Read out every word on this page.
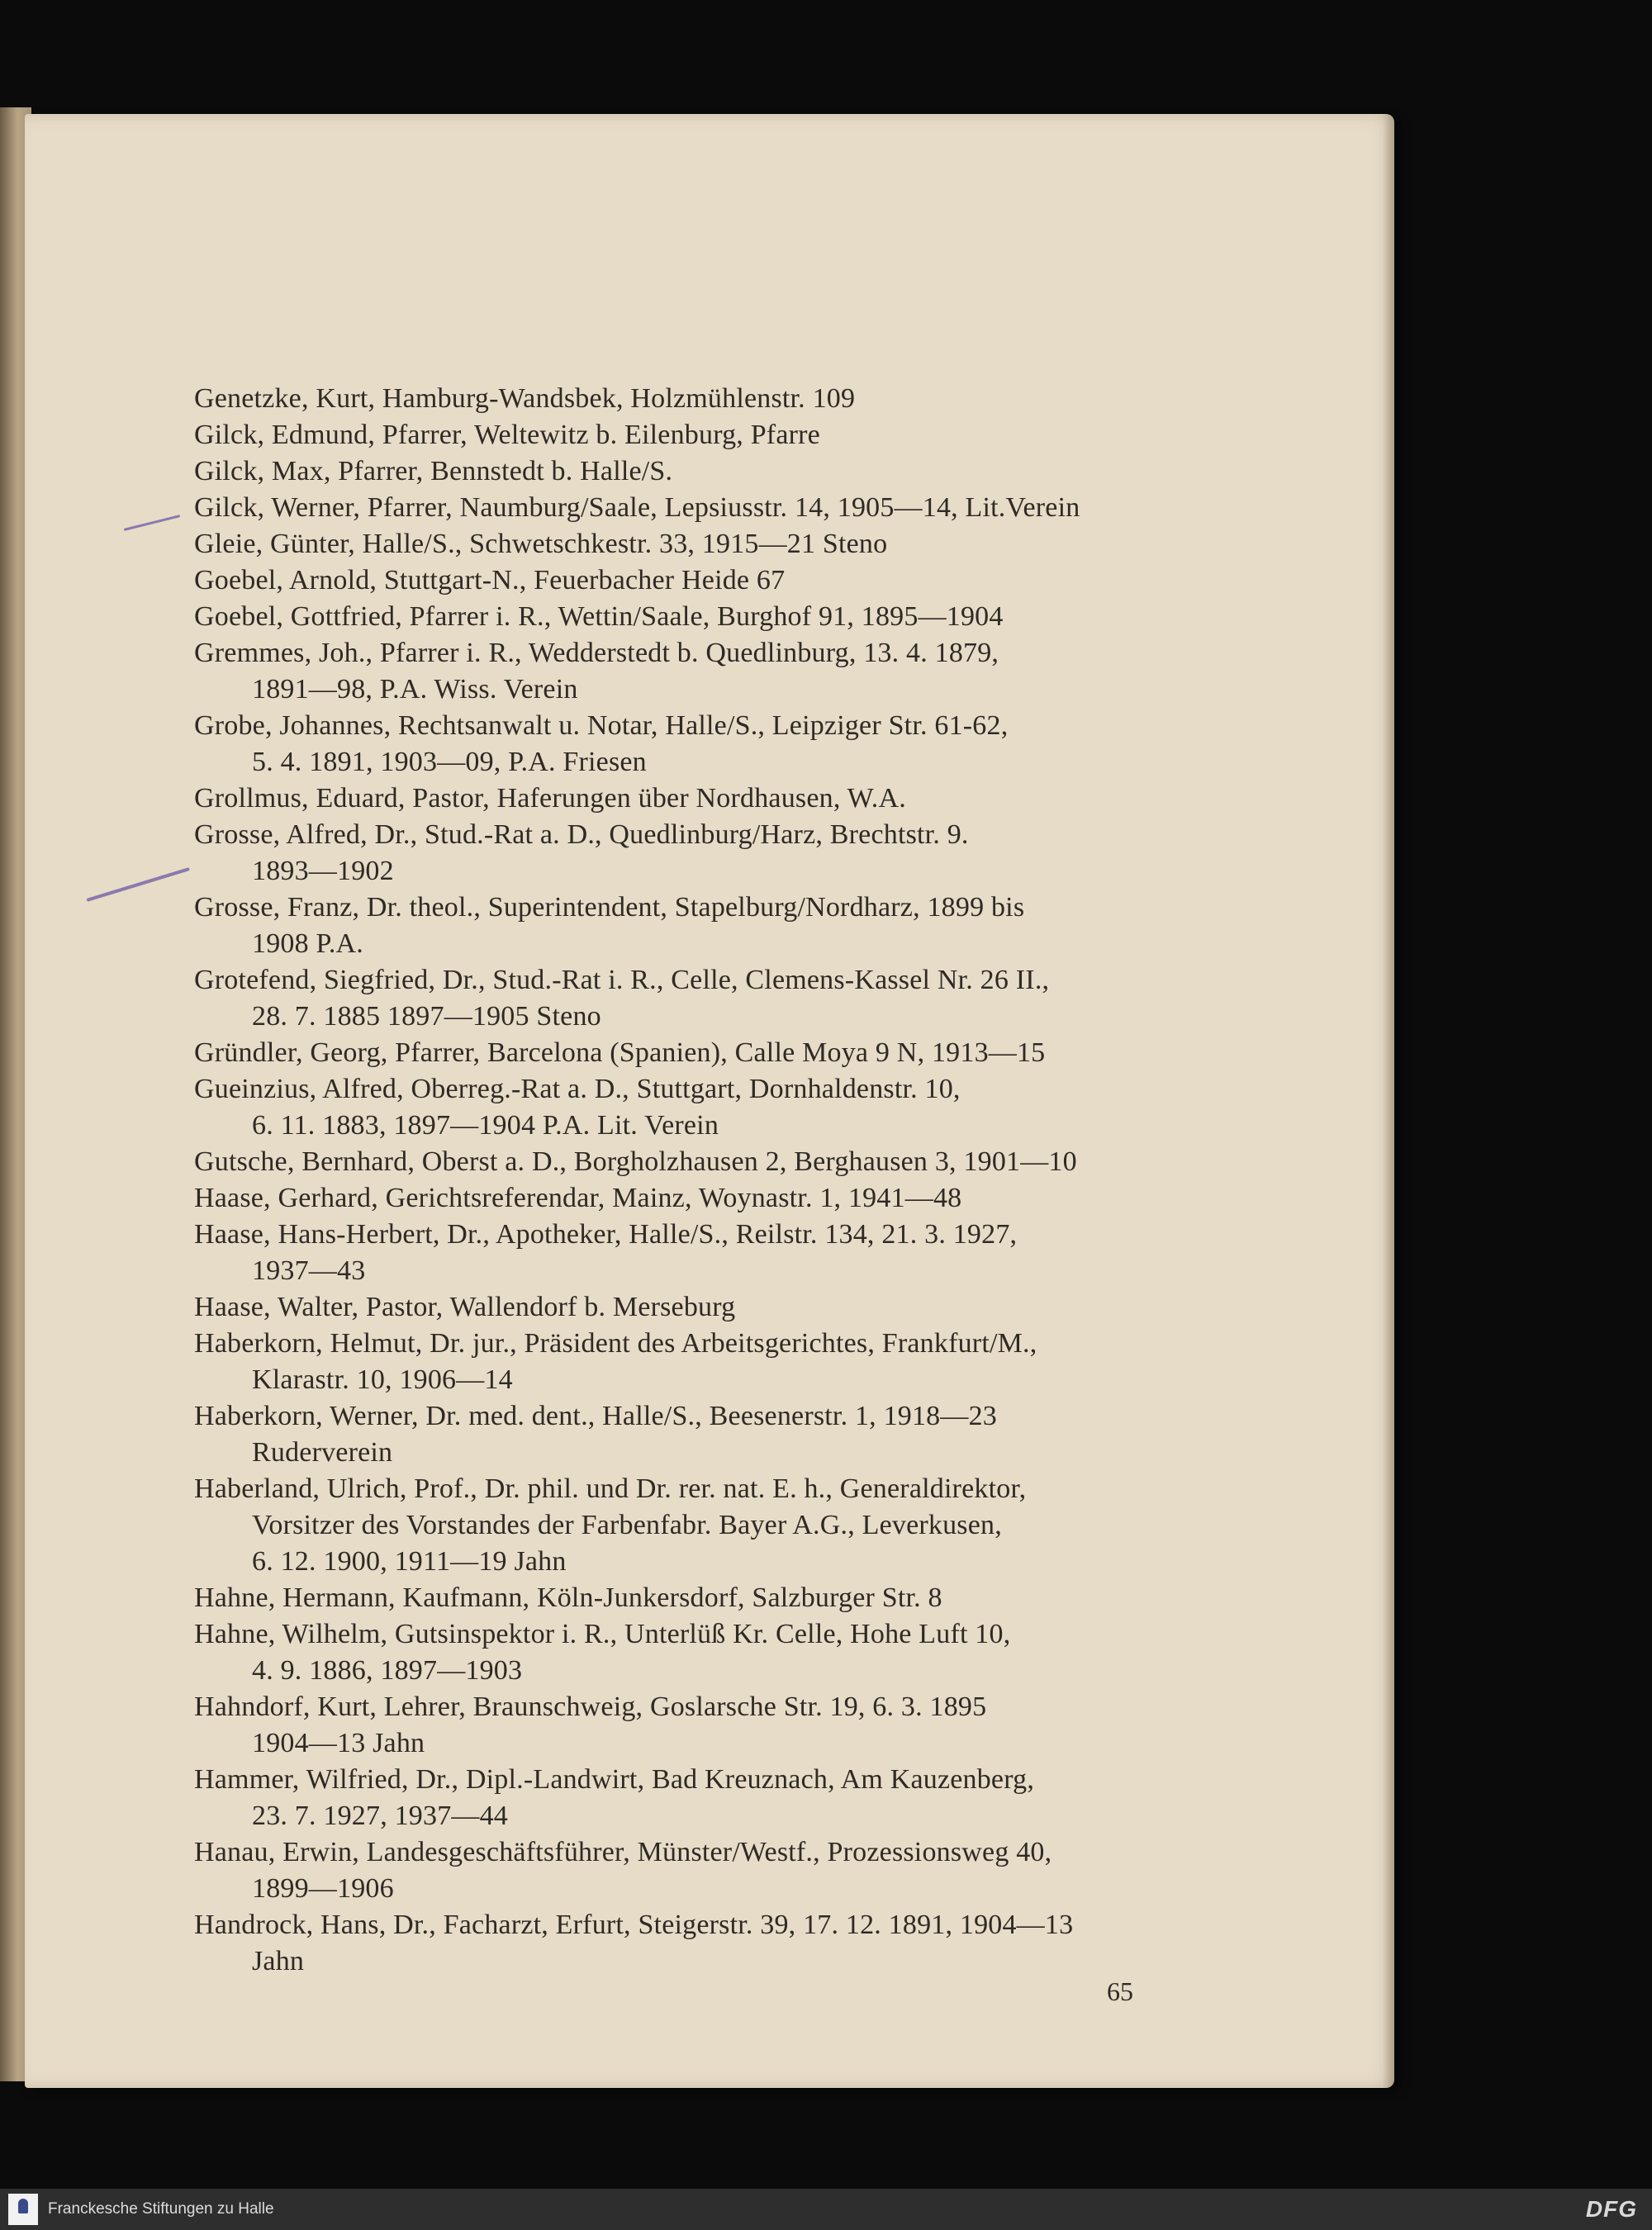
Genetzke, Kurt, Hamburg-Wandsbek, Holzmühlenstr. 109
Gilck, Edmund, Pfarrer, Weltewitz b. Eilenburg, Pfarre
Gilck, Max, Pfarrer, Bennstedt b. Halle/S.
Gilck, Werner, Pfarrer, Naumburg/Saale, Lepsiusstr. 14, 1905—14, Lit.Verein
Gleie, Günter, Halle/S., Schwetschkestr. 33, 1915—21 Steno
Goebel, Arnold, Stuttgart-N., Feuerbacher Heide 67
Goebel, Gottfried, Pfarrer i. R., Wettin/Saale, Burghof 91, 1895—1904
Gremmes, Joh., Pfarrer i. R., Wedderstedt b. Quedlinburg, 13. 4. 1879,
1891—98, P.A. Wiss. Verein
Grobe, Johannes, Rechtsanwalt u. Notar, Halle/S., Leipziger Str. 61-62,
5. 4. 1891, 1903—09, P.A. Friesen
Grollmus, Eduard, Pastor, Haferungen über Nordhausen, W.A.
Grosse, Alfred, Dr., Stud.-Rat a. D., Quedlinburg/Harz, Brechtstr. 9.
1893—1902
Grosse, Franz, Dr. theol., Superintendent, Stapelburg/Nordharz, 1899 bis
1908 P.A.
Grotefend, Siegfried, Dr., Stud.-Rat i. R., Celle, Clemens-Kassel Nr. 26 II.,
28. 7. 1885 1897—1905 Steno
Gründler, Georg, Pfarrer, Barcelona (Spanien), Calle Moya 9 N, 1913—15
Gueinzius, Alfred, Oberreg.-Rat a. D., Stuttgart, Dornhaldenstr. 10,
6. 11. 1883, 1897—1904 P.A. Lit. Verein
Gutsche, Bernhard, Oberst a. D., Borgholzhausen 2, Berghausen 3, 1901—10
Haase, Gerhard, Gerichtsreferendar, Mainz, Woynastr. 1, 1941—48
Haase, Hans-Herbert, Dr., Apotheker, Halle/S., Reilstr. 134, 21. 3. 1927,
1937—43
Haase, Walter, Pastor, Wallendorf b. Merseburg
Haberkorn, Helmut, Dr. jur., Präsident des Arbeitsgerichtes, Frankfurt/M.,
Klarastr. 10, 1906—14
Haberkorn, Werner, Dr. med. dent., Halle/S., Beesenerstr. 1, 1918—23
Ruderverein
Haberland, Ulrich, Prof., Dr. phil. und Dr. rer. nat. E. h., Generaldirektor,
Vorsitzer des Vorstandes der Farbenfabr. Bayer A.G., Leverkusen,
6. 12. 1900, 1911—19 Jahn
Hahne, Hermann, Kaufmann, Köln-Junkersdorf, Salzburger Str. 8
Hahne, Wilhelm, Gutsinspektor i. R., Unterlüß Kr. Celle, Hohe Luft 10,
4. 9. 1886, 1897—1903
Hahndorf, Kurt, Lehrer, Braunschweig, Goslarsche Str. 19, 6. 3. 1895
1904—13 Jahn
Hammer, Wilfried, Dr., Dipl.-Landwirt, Bad Kreuznach, Am Kauzenberg,
23. 7. 1927, 1937—44
Hanau, Erwin, Landesgeschäftsführer, Münster/Westf., Prozessionsweg 40,
1899—1906
Handrock, Hans, Dr., Facharzt, Erfurt, Steigerstr. 39, 17. 12. 1891, 1904—13
Jahn
65
Franckesche Stiftungen zu Halle	DFG
